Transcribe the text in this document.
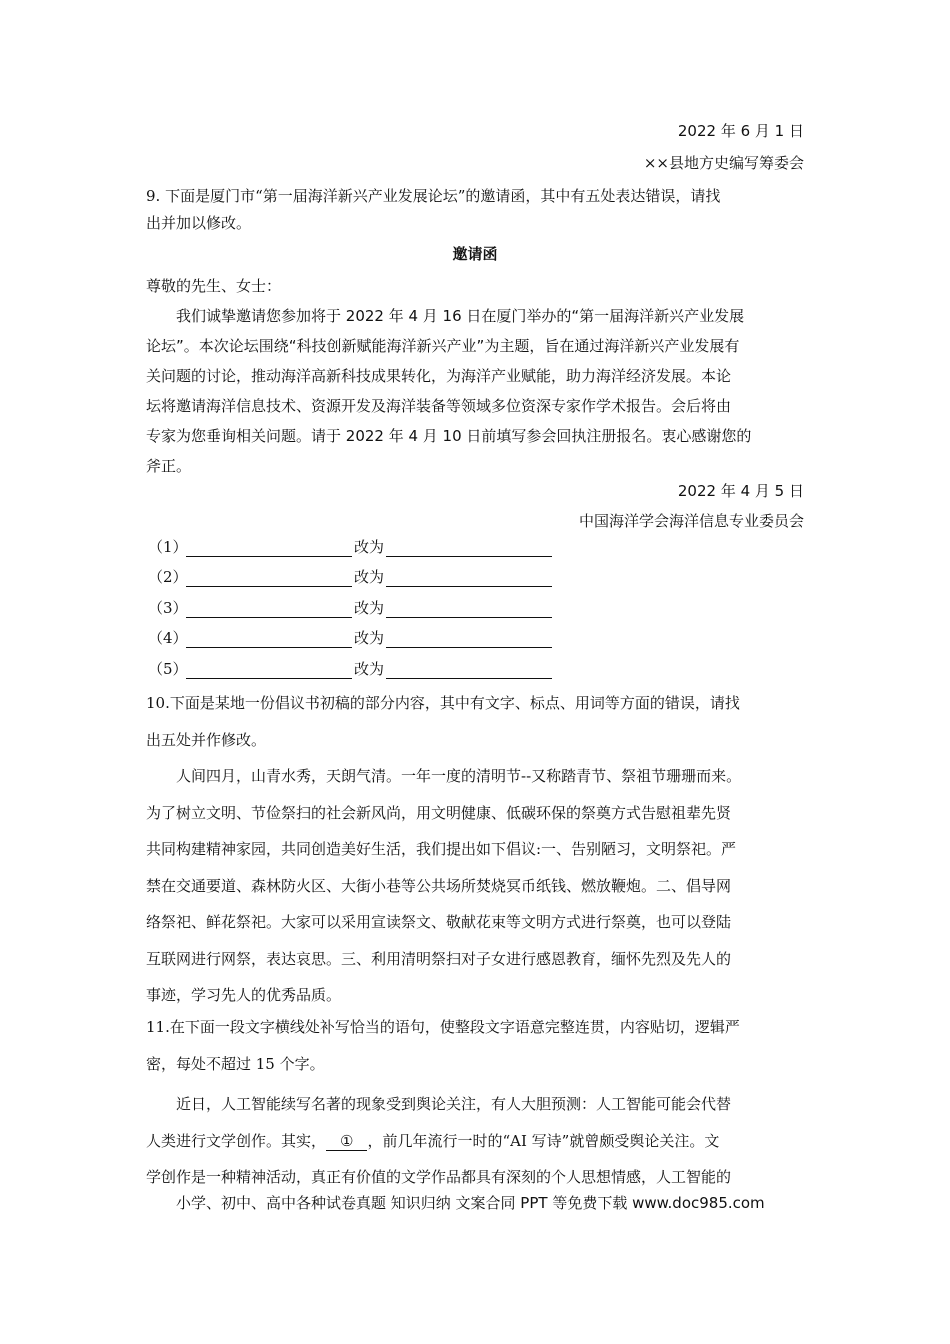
2022 年 6 月 1 日
××县地方史编写筹委会
9. 下面是厦门市“第一届海洋新兴产业发展论坛”的邀请函，其中有五处表达错误，请找
出并加以修改。
邀请函
尊敬的先生、女士：
我们诚挚邀请您参加将于 2022 年 4 月 16 日在厦门举办的“第一届海洋新兴产业发展
论坛”。本次论坛围绕“科技创新赋能海洋新兴产业”为主题，旨在通过海洋新兴产业发展有
关问题的讨论，推动海洋高新科技成果转化，为海洋产业赋能，助力海洋经济发展。本论
坛将邀请海洋信息技术、资源开发及海洋装备等领域多位资深专家作学术报告。会后将由
专家为您垂询相关问题。请于 2022 年 4 月 10 日前填写参会回执注册报名。衷心感谢您的
斧正。
2022 年 4 月 5 日
中国海洋学会海洋信息专业委员会
（1）	改为
（2）	改为
（3）	改为
（4）	改为
（5）	改为
10.下面是某地一份倡议书初稿的部分内容，其中有文字、标点、用词等方面的错误，请找
出五处并作修改。
人间四月，山青水秀，天朗气清。一年一度的清明节--又称踏青节、祭祖节珊珊而来。
为了树立文明、节俭祭扫的社会新风尚，用文明健康、低碳环保的祭奠方式告慰祖辈先贤
共同构建精神家园，共同创造美好生活，我们提出如下倡议:一、告别陋习，文明祭祀。严
禁在交通要道、森林防火区、大街小巷等公共场所焚烧冥币纸钱、燃放鞭炮。二、倡导网
络祭祀、鲜花祭祀。大家可以采用宣读祭文、敬献花束等文明方式进行祭奠，也可以登陆
互联网进行网祭，表达哀思。三、利用清明祭扫对子女进行感恩教育，缅怀先烈及先人的
事迹，学习先人的优秀品质。
11.在下面一段文字横线处补写恰当的语句，使整段文字语意完整连贯，内容贴切，逻辑严
密，每处不超过 15 个字。
近日，人工智能续写名著的现象受到舆论关注，有人大胆预测：人工智能可能会代替
人类进行文学创作。其实， ① ，前几年流行一时的“AI 写诗”就曾颇受舆论关注。文
学创作是一种精神活动，真正有价值的文学作品都具有深刻的个人思想情感，人工智能的
小学、初中、高中各种试卷真题 知识归纳 文案合同 PPT 等免费下载 www.doc985.com
